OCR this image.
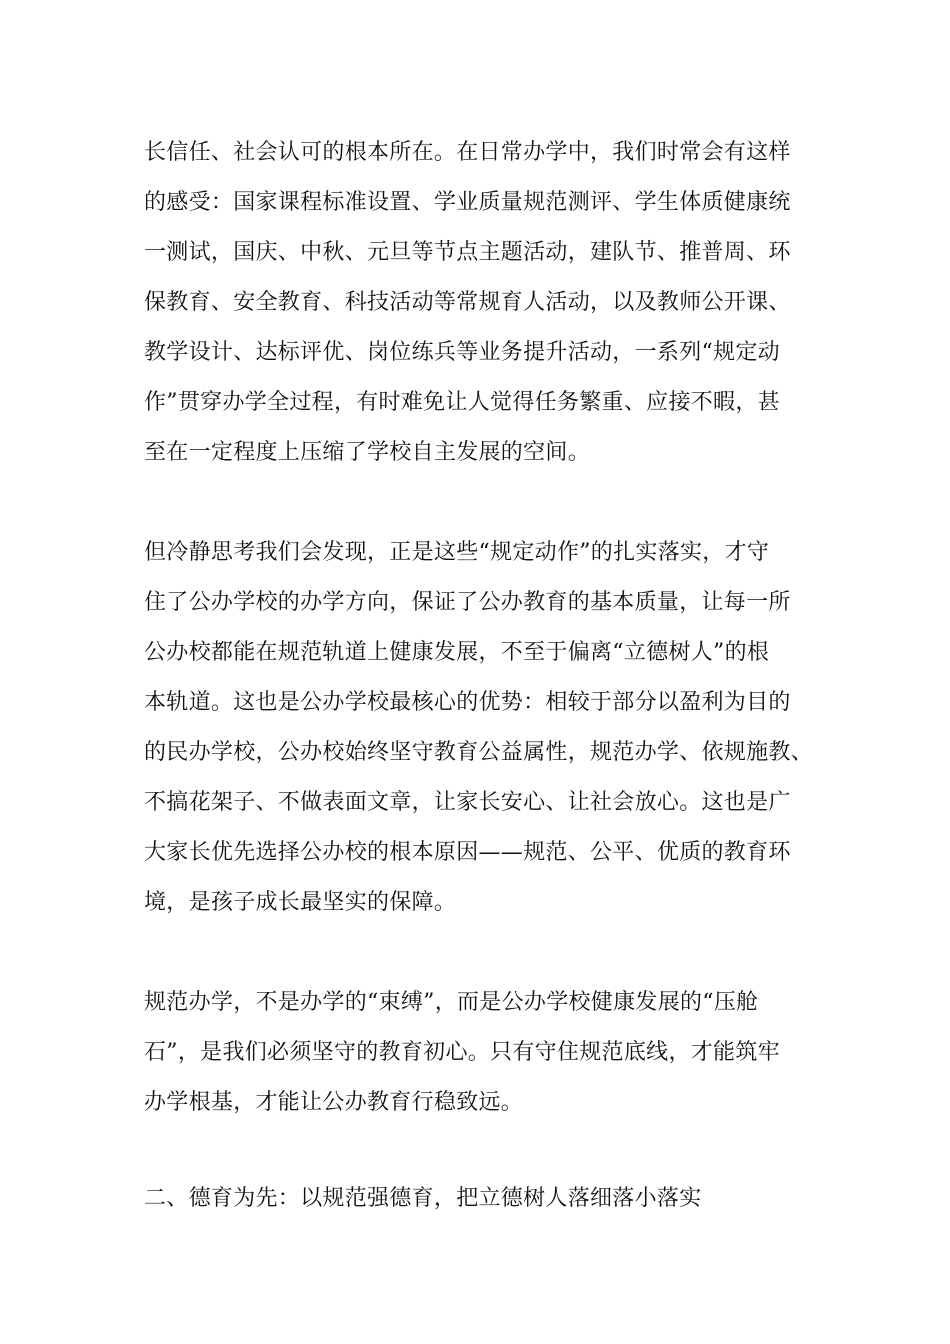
长信任、社会认可的根本所在。在日常办学中，我们时常会有这样

的感受：国家课程标准设置、学业质量规范测评、学生体质健康统

一测试，国庆、中秋、元旦等节点主题活动，建队节、推普周、环

保教育、安全教育、科技活动等常规育人活动，以及教师公开课、

教学设计、达标评优、岗位练兵等业务提升活动，一系列“规定动

作”贯穿办学全过程，有时难免让人觉得任务繁重、应接不暇，甚

至在一定程度上压缩了学校自主发展的空间。

但冷静思考我们会发现，正是这些“规定动作”的扎实落实，才守

住了公办学校的办学方向，保证了公办教育的基本质量，让每一所

公办校都能在规范轨道上健康发展，不至于偏离“立德树人”的根

本轨道。这也是公办学校最核心的优势：相较于部分以盈利为目的

的民办学校，公办校始终坚守教育公益属性，规范办学、依规施教、

不搞花架子、不做表面文章，让家长安心、让社会放心。这也是广

大家长优先选择公办校的根本原因——规范、公平、优质的教育环

境，是孩子成长最坚实的保障。

规范办学，不是办学的“束缚”，而是公办学校健康发展的“压舱

石”，是我们必须坚守的教育初心。只有守住规范底线，才能筑牢

办学根基，才能让公办教育行稳致远。

二、德育为先：以规范强德育，把立德树人落细落小落实
